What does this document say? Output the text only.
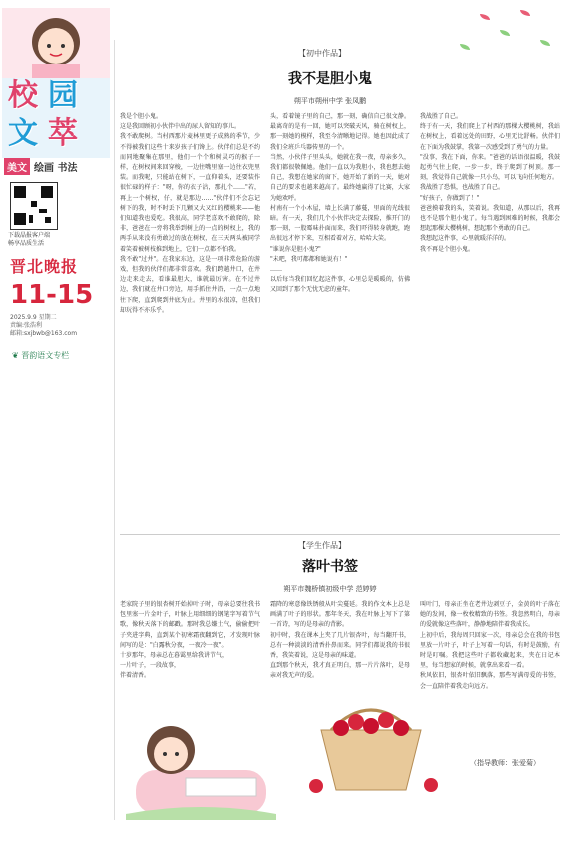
校 园
文 萃
美文 绘画 书法
下载晶报客户端
畅享品质生活
晋北晚报
11-15
2025.9.9 星期二
责编:张浩利
邮箱:sxjbwb@163.com
❦ 晋韵语文专栏
【初中作品】
我不是胆小鬼
朔平市朔州中学 张凤鹏
我是个胆小鬼。
这是我回顾初小伙伴中出的尿人留知的事儿。
我不敢爬树。当村西那片麦林里更子成熟的季节，少不得被我们这些十来岁孩子们馋上。伙伴们总是不约而同地聚集在那里，他们一个个和树灵巧的猴子一样，在树杈间来回穿梭，一边往嘴里塞一边往衣兜里装。而我呢，只能站在树下，一直仰着头，还要装作很忙碌的样子："呀，你的衣子沾，那扎个……"若，再上一个树杈，仔，就是那边……"伙伴们不会忘记树下的我，时不时丢下几颗又大又红的樱桃来——他们知道我也爱吃。我很高，同学老喜欢不敢爬的，除非，爸爸在一旁将我举到树上的一点的树杈上，我的两手从来没有勇敢过的放在树杈，在三天两头被同学着笑着被树枝推到地上，它们一点都不怕我。
我不敢"过井"。在我家东边，这是一项非常危险的游戏，但我的伙伴们都非常喜欢。我们跨越井口，在井边走来走去，看谁最胆大，谁就最厉害。在不过井边，我们就在井口旁边，用手抓住井沿，一点一点地往下爬，直到爬到井底为止。井里的水很凉，但我们却玩得不亦乐乎。
头，看着镜子里的自己，那一刻，确信自己很文静。最离奇的是有一回，她可以突破天风，骑在树杈上，那一刻她的模样，我至今清晰地记得。她也因此成了我们全班乒乓器传里的一个。
当然，小伙伴子里头头，她就在我一夜，母亲多久，我们都很敬佩她。他们一直以为我胆小，我也想去她自己，我想在她家的窗下，她开始了新的一天，她对自己的要求也越来越高了。最终她赢得了比赛，大家为她欢呼。
村南有一个小木屋，墙上长满了藤蔓，里面的光线很暗。有一天，我们几个小伙伴决定去探险，推开门的那一刻，一股霉味扑面而来，我们吓得转身就跑，跑出很远才停下来，互相看着对方，哈哈大笑。
"谁说你是胆小鬼?"
"未吧，我可都都和她说有！"
……
以后每当我们回忆起这件事，心里总是暖暖的，仿佛又回到了那个无忧无虑的童年。
我战胜了自己。
终于有一天，我们爬上了村西的那棵大樱桃树，我站在树杈上，看着远处的田野，心里无比舒畅。伙伴们在下面为我鼓掌，我第一次感受到了勇气的力量。
"没事，我在下面，你来。"爸爸的话语很温暖，我鼓起勇气往上爬，一步一步，终于爬到了树顶。那一刻，我觉得自己就像一只小鸟，可以飞向任何地方。
我战胜了恐惧，也战胜了自己。
"好孩子，你做到了！"
爸爸摸着我的头，笑着说。我知道，从那以后，我再也不是那个胆小鬼了。每当遇到困难的时候，我都会想起那棵大樱桃树，想起那个勇敢的自己。
我想起这件事，心里就暖洋洋的。
我不再是个胆小鬼。
【学生作品】
落叶书签
朔平市魏桥镇初级中学 范婷婷
老家院子里的银杏树开始掉叶子时，母亲总要往我书包里塞一片金叶子，叶脉上用细细的钢笔字写着节气歌，像秋天落下的邮戳。那时我总嫌土气，偷偷把叶子夹进字典，直到某个初寒霜夜翻到它，才发现叶脉间写的是："白露秋分夜，一夜冷一夜"。
十岁那年，母亲总在暮霭里给我讲节气，
一片叶子，一段故事，
伴着清香。
霜降的寒意像铁锈般从叶尖蔓延。我的作文本上总是画满了叶子的形状。那年冬天，我在叶脉上写下了第一首诗，写的是母亲的背影。
初中时，我在课本上夹了几片银杏叶，每当翻开书，总有一种淡淡的清香扑鼻而来。同学们都说我的书很香，我笑着说，这是母亲的味道。
直到那个秋天，我才真正明白，那一片片落叶，是母亲对我无声的爱。
叫叶门，母亲正坐在老井边剥豆子，金黄的叶子落在她的发间，像一枚枚精致的书签。我忽然明白，母亲的爱就像这些落叶，静静地陪伴着我成长。
上初中后，我每周只回家一次，母亲总会在我的书包里放一片叶子，叶子上写着一句话，有时是鼓励，有时是叮嘱。我把这些叶子都收藏起来，夹在日记本里，每当想家的时候，就拿出来看一看。
秋风依旧，银杏叶依旧飘落，那些写满母爱的书签，会一直陪伴着我走向远方。
（指导教师：张爱菊）
